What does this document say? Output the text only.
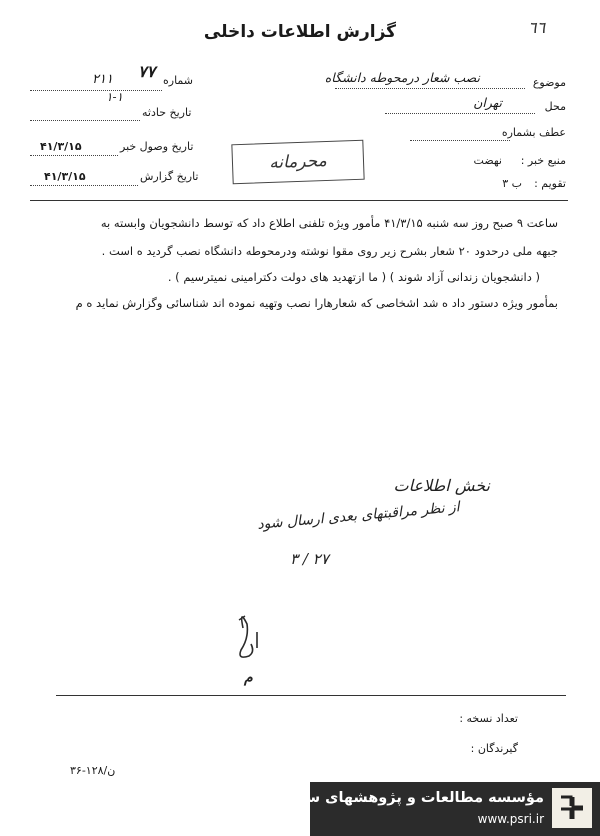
٦٦
گزارش اطلاعات داخلی
شماره
۷۷
۲۱۱
۱-۱
تاریخ حادثه
تاریخ وصول خبر
۴۱/۳/۱۵
تاریخ گزارش
۴۱/۳/۱۵
محرمانه
موضوع
نصب شعار درمحوطه دانشگاه
محل
تهران
عطف بشماره
منبع خبر :
نهضت
تقویم :
ب ۳
ساعت ۹ صبح روز سه شنبه ۴۱/۳/۱۵ مأمور ویژه تلفنی اطلاع داد که توسط دانشجویان وابسته به
جبهه ملی درحدود ۲۰ شعار بشرح زیر روی مقوا نوشته ودرمحوطه دانشگاه نصب گردید ه است .
( دانشجویان زندانی آزاد شوند ) ( ما ازتهدید های دولت دکترامینی نمیترسیم ) .
بمأمور ویژه دستور داد ه شد اشخاصی که شعارهارا نصب وتهیه نموده اند شناسائی وگزارش نماید ه م
نخش اطلاعات
از نظر مراقبتهای بعدی ارسال شود
۲۷ / ۳
م
تعداد نسخه :
گیرندگان :
۳۶-۱۲۸/ن
مؤسسه مطالعات و پژوهشهای سیاسی
www.psri.ir
